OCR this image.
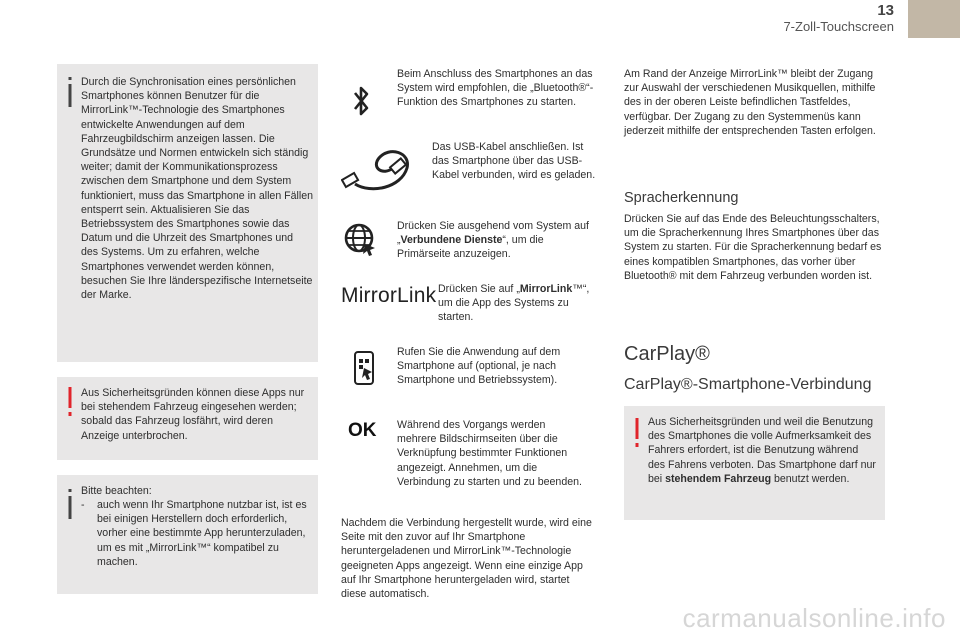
13
7-Zoll-Touchscreen

Durch die Synchronisation eines persönlichen Smartphones können Benutzer für die MirrorLink™-Technologie des Smartphones entwickelte Anwendungen auf dem Fahrzeugbildschirm anzeigen lassen. Die Grundsätze und Normen entwickeln sich ständig weiter; damit der Kommunikationsprozess zwischen dem Smartphone und dem System funktioniert, muss das Smartphone in allen Fällen entsperrt sein. Aktualisieren Sie das Betriebssystem des Smartphones sowie das Datum und die Uhrzeit des Smartphones und des Systems. Um zu erfahren, welche Smartphones verwendet werden können, besuchen Sie Ihre länderspezifische Internetseite der Marke.

Aus Sicherheitsgründen können diese Apps nur bei stehendem Fahrzeug eingesehen werden; sobald das Fahrzeug losfährt, wird deren Anzeige unterbrochen.

Bitte beachten:

-	auch wenn Ihr Smartphone nutzbar ist, ist es bei einigen Herstellern doch erforderlich, vorher eine bestimmte App herunterzuladen, um es mit „MirrorLink™“ kompatibel zu machen.

Beim Anschluss des Smartphones an das System wird empfohlen, die „Bluetooth®“-Funktion des Smartphones zu starten.

Das USB-Kabel anschließen. Ist das Smartphone über das USB-Kabel verbunden, wird es geladen.

Drücken Sie ausgehend vom System auf „Verbundene Dienste“, um die Primärseite anzuzeigen.

MirrorLink Drücken Sie auf „MirrorLink™“, um die App des Systems zu starten.

Rufen Sie die Anwendung auf dem Smartphone auf (optional, je nach Smartphone und Betriebssystem).

OK Während des Vorgangs werden mehrere Bildschirmseiten über die Verknüpfung bestimmter Funktionen angezeigt. Annehmen, um die Verbindung zu starten und zu beenden.

Nachdem die Verbindung hergestellt wurde, wird eine Seite mit den zuvor auf Ihr Smartphone heruntergeladenen und MirrorLink™-Technologie geeigneten Apps angezeigt. Wenn eine einzige App auf Ihr Smartphone heruntergeladen wird, startet diese automatisch.

Am Rand der Anzeige MirrorLink™ bleibt der Zugang zur Auswahl der verschiedenen Musikquellen, mithilfe des in der oberen Leiste befindlichen Tastfeldes, verfügbar. Der Zugang zu den Systemmenüs kann jederzeit mithilfe der entsprechenden Tasten erfolgen.

Spracherkennung

Drücken Sie auf das Ende des Beleuchtungsschalters, um die Spracherkennung Ihres Smartphones über das System zu starten. Für die Spracherkennung bedarf es eines kompatiblen Smartphones, das vorher über Bluetooth® mit dem Fahrzeug verbunden worden ist.

CarPlay®
CarPlay®-Smartphone-Verbindung

Aus Sicherheitsgründen und weil die Benutzung des Smartphones die volle Aufmerksamkeit des Fahrers erfordert, ist die Benutzung während des Fahrens verboten. Das Smartphone darf nur bei stehendem Fahrzeug benutzt werden.

carmanualsonline.info
